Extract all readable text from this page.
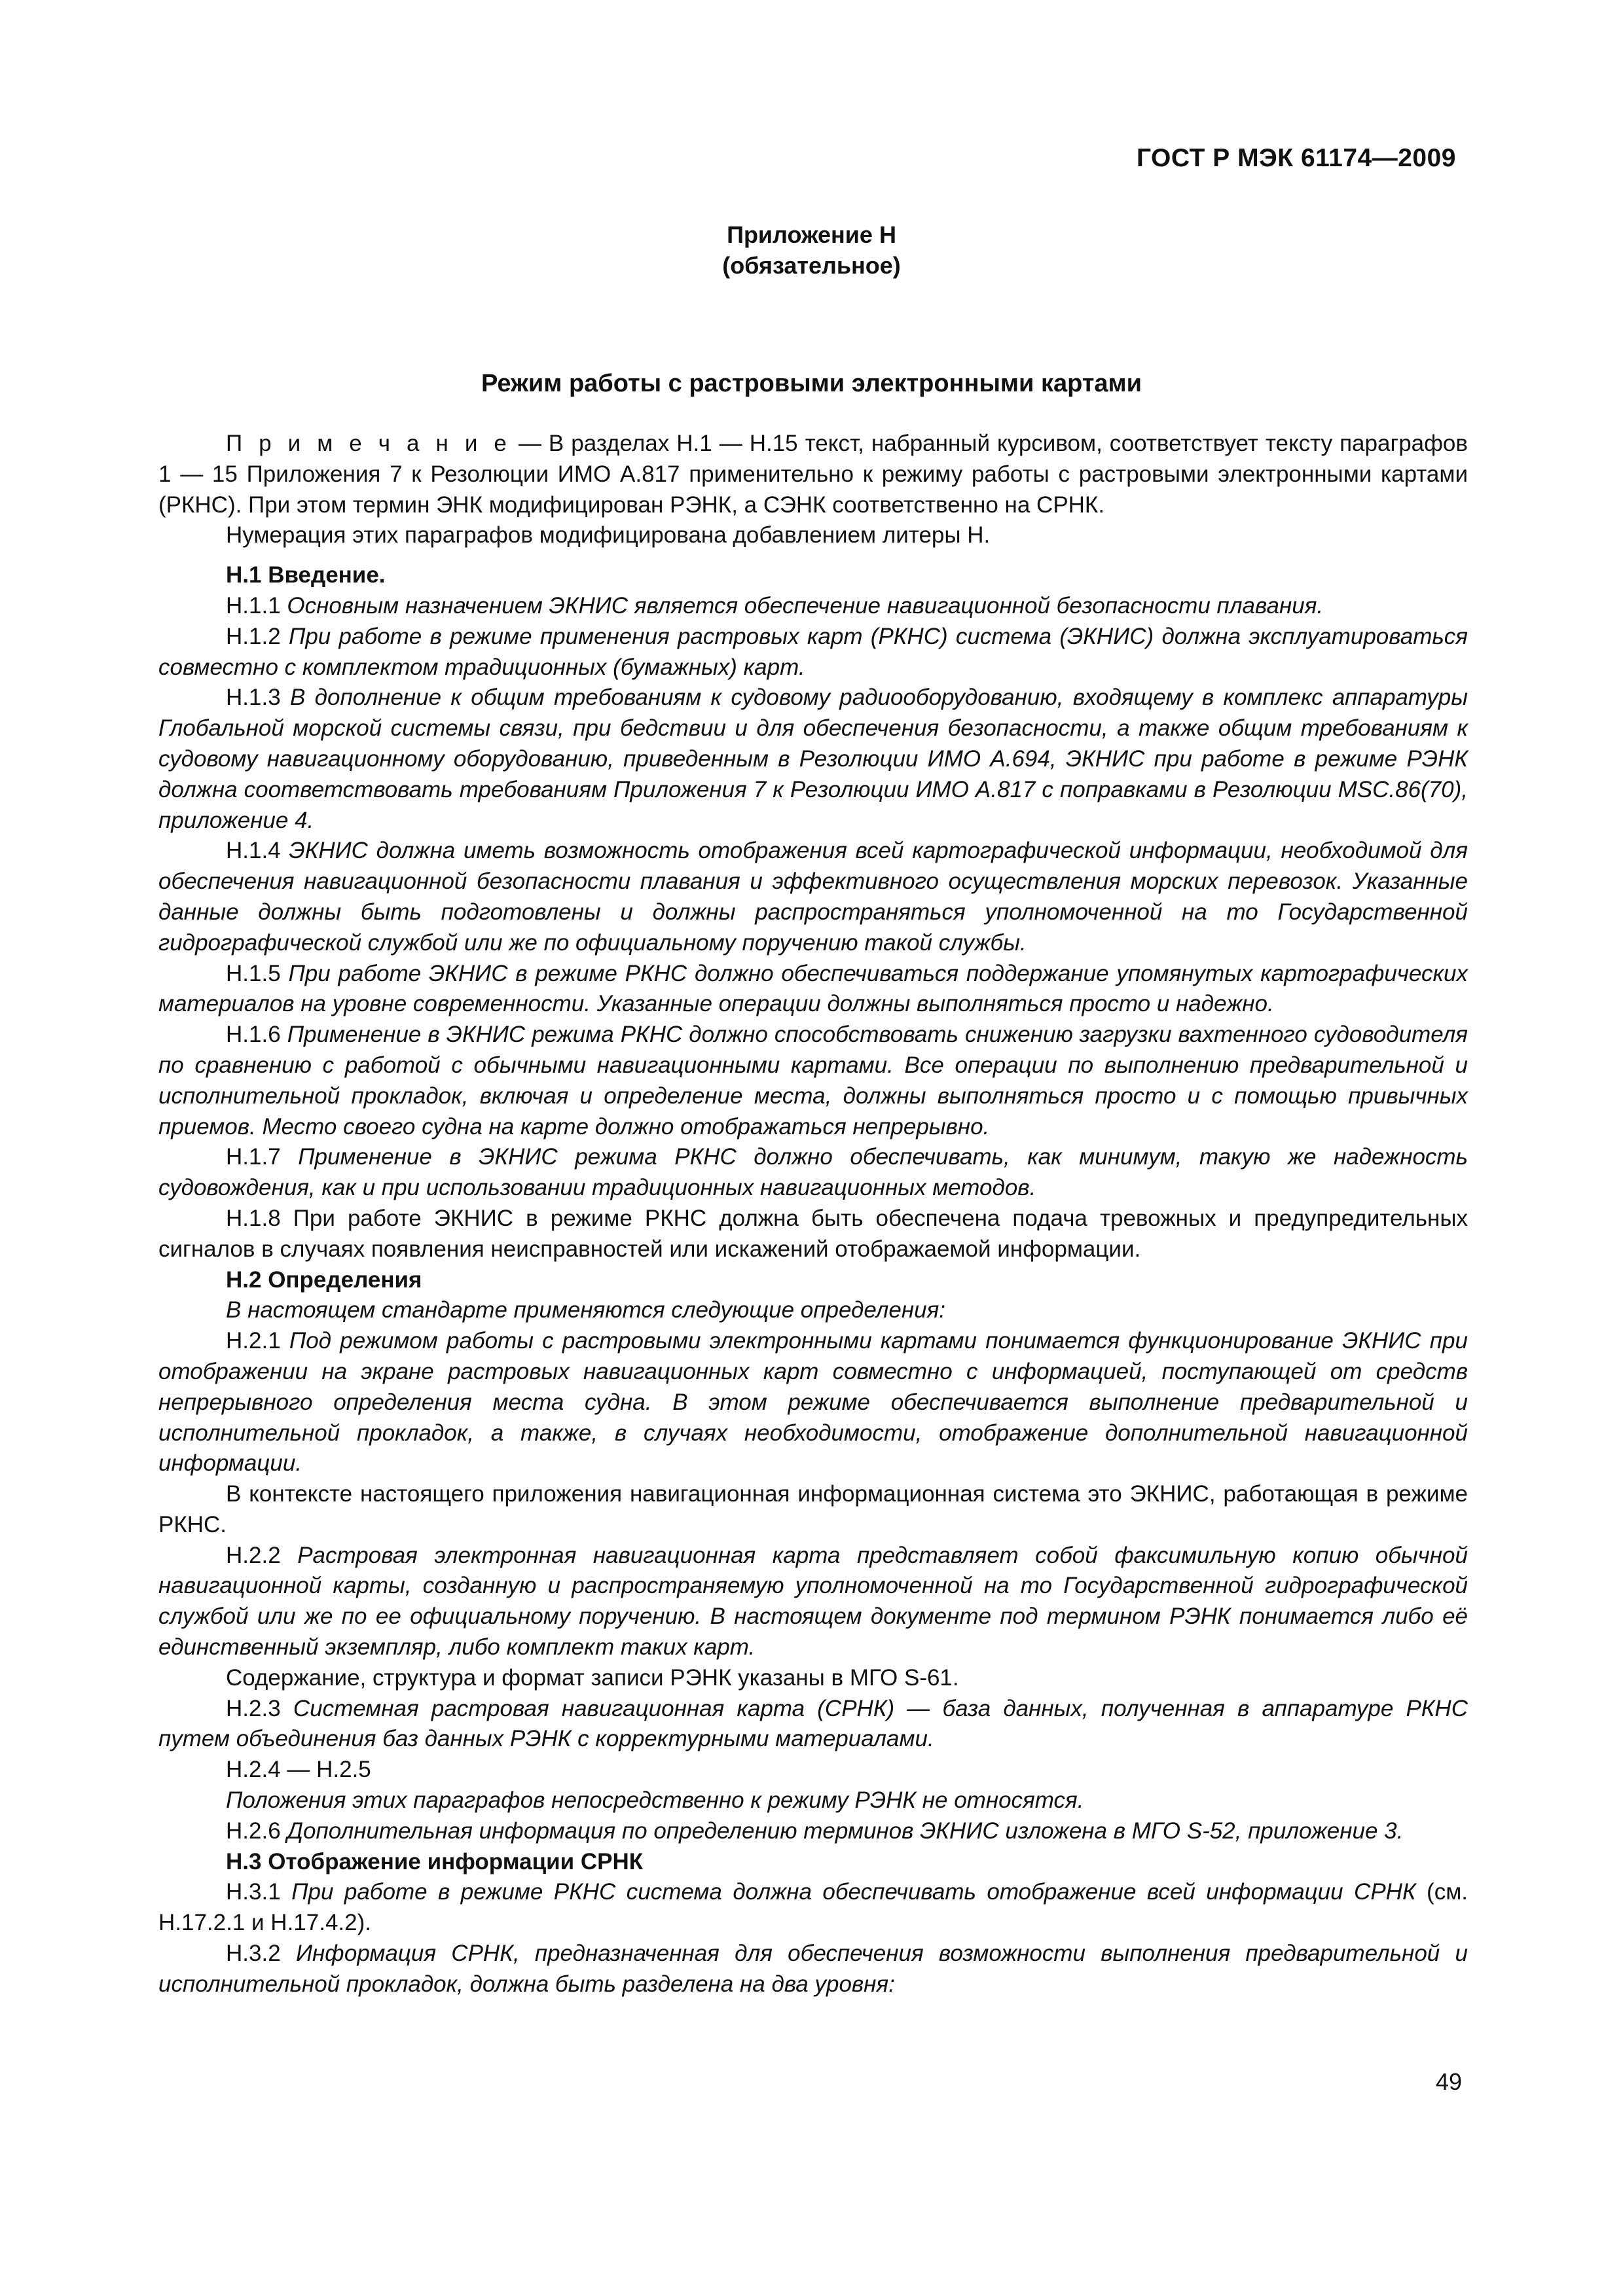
ГОСТ Р МЭК 61174—2009
Приложение Н
(обязательное)
Режим работы с растровыми электронными картами

П р и м е ч а н и е — В разделах Н.1 — Н.15 текст, набранный курсивом, соответствует тексту параграфов 1 — 15 Приложения 7 к Резолюции ИМО А.817 применительно к режиму работы с растровыми электронными картами (РКНС). При этом термин ЭНК модифицирован РЭНК, а СЭНК соответственно на СРНК.

Нумерация этих параграфов модифицирована добавлением литеры Н.

Н.1 Введение.

Н.1.1 Основным назначением ЭКНИС является обеспечение навигационной безопасности плавания.

Н.1.2 При работе в режиме применения растровых карт (РКНС) система (ЭКНИС) должна эксплуатироваться совместно с комплектом традиционных (бумажных) карт.

Н.1.3 В дополнение к общим требованиям к судовому радиооборудованию, входящему в комплекс аппаратуры Глобальной морской системы связи, при бедствии и для обеспечения безопасности, а также общим требованиям к судовому навигационному оборудованию, приведенным в Резолюции ИМО А.694, ЭКНИС при работе в режиме РЭНК должна соответствовать требованиям Приложения 7 к Резолюции ИМО А.817 с поправками в Резолюции MSC.86(70), приложение 4.

Н.1.4 ЭКНИС должна иметь возможность отображения всей картографической информации, необходимой для обеспечения навигационной безопасности плавания и эффективного осуществления морских перевозок. Указанные данные должны быть подготовлены и должны распространяться уполномоченной на то Государственной гидрографической службой или же по официальному поручению такой службы.

Н.1.5 При работе ЭКНИС в режиме РКНС должно обеспечиваться поддержание упомянутых картографических материалов на уровне современности. Указанные операции должны выполняться просто и надежно.

Н.1.6 Применение в ЭКНИС режима РКНС должно способствовать снижению загрузки вахтенного судоводителя по сравнению с работой с обычными навигационными картами. Все операции по выполнению предварительной и исполнительной прокладок, включая и определение места, должны выполняться просто и с помощью привычных приемов. Место своего судна на карте должно отображаться непрерывно.

Н.1.7 Применение в ЭКНИС режима РКНС должно обеспечивать, как минимум, такую же надежность судовождения, как и при использовании традиционных навигационных методов.

Н.1.8 При работе ЭКНИС в режиме РКНС должна быть обеспечена подача тревожных и предупредительных сигналов в случаях появления неисправностей или искажений отображаемой информации.

Н.2 Определения

В настоящем стандарте применяются следующие определения:

Н.2.1 Под режимом работы с растровыми электронными картами понимается функционирование ЭКНИС при отображении на экране растровых навигационных карт совместно с информацией, поступающей от средств непрерывного определения места судна. В этом режиме обеспечивается выполнение предварительной и исполнительной прокладок, а также, в случаях необходимости, отображение дополнительной навигационной информации.

В контексте настоящего приложения навигационная информационная система это ЭКНИС, работающая в режиме РКНС.

Н.2.2 Растровая электронная навигационная карта представляет собой факсимильную копию обычной навигационной карты, созданную и распространяемую уполномоченной на то Государственной гидрографической службой или же по ее официальному поручению. В настоящем документе под термином РЭНК понимается либо её единственный экземпляр, либо комплект таких карт.

Содержание, структура и формат записи РЭНК указаны в МГО S-61.

Н.2.3 Системная растровая навигационная карта (СРНК) — база данных, полученная в аппаратуре РКНС путем объединения баз данных РЭНК с корректурными материалами.

Н.2.4 — Н.2.5

Положения этих параграфов непосредственно к режиму РЭНК не относятся.

Н.2.6 Дополнительная информация по определению терминов ЭКНИС изложена в МГО S-52, приложение 3.

Н.3 Отображение информации СРНК

Н.3.1 При работе в режиме РКНС система должна обеспечивать отображение всей информации СРНК (см. Н.17.2.1 и Н.17.4.2).

Н.3.2 Информация СРНК, предназначенная для обеспечения возможности выполнения предварительной и исполнительной прокладок, должна быть разделена на два уровня:

49
